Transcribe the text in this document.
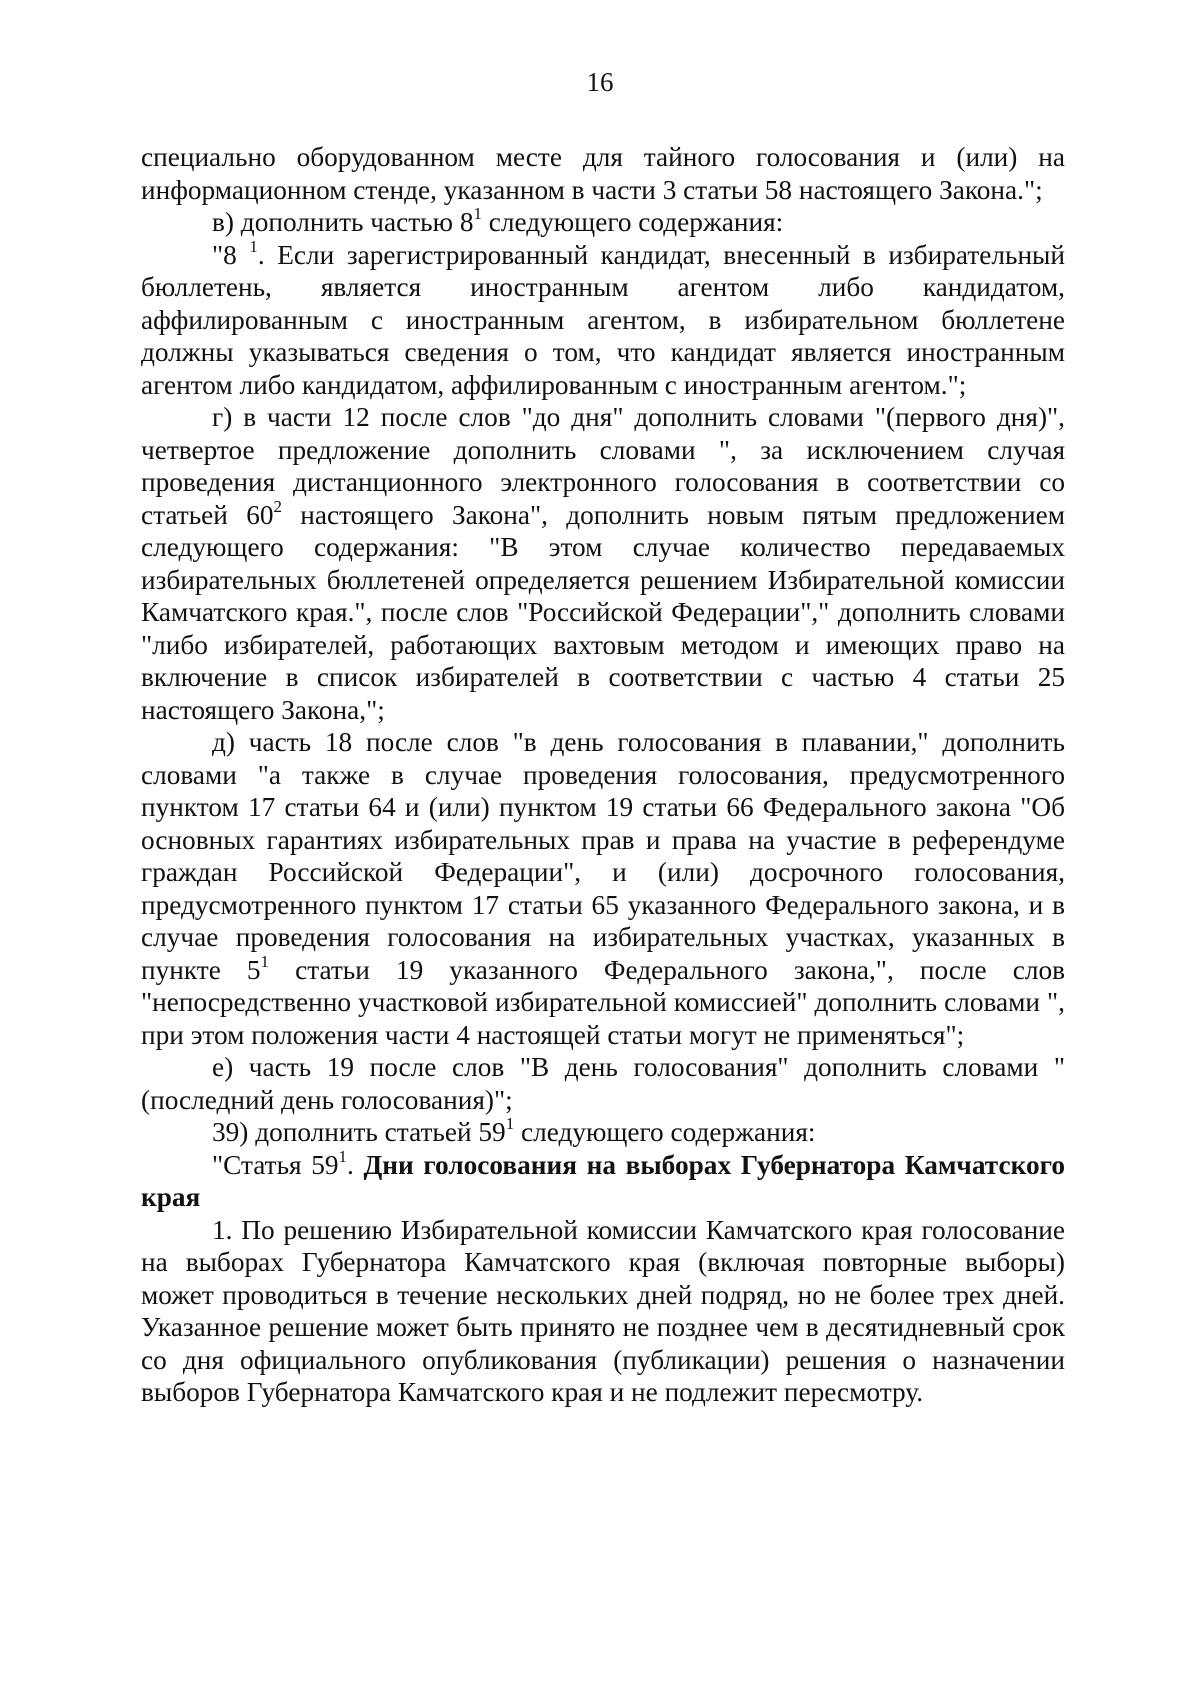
16

специально оборудованном месте для тайного голосования и (или) на информационном стенде, указанном в части 3 статьи 58 настоящего Закона.";

в) дополнить частью $8^1$ следующего содержания:

"8 $^1$. Если зарегистрированный кандидат, внесенный в избирательный бюллетень, является иностранным агентом либо кандидатом, аффилированным с иностранным агентом, в избирательном бюллетене должны указываться сведения о том, что кандидат является иностранным агентом либо кандидатом, аффилированным с иностранным агентом.";

г) в части 12 после слов "до дня" дополнить словами "(первого дня)", четвертое предложение дополнить словами ", за исключением случая проведения дистанционного электронного голосования в соответствии со статьей $60^2$ настоящего Закона", дополнить новым пятым предложением следующего содержания: "В этом случае количество передаваемых избирательных бюллетеней определяется решением Избирательной комиссии Камчатского края.", после слов "Российской Федерации"," дополнить словами "либо избирателей, работающих вахтовым методом и имеющих право на включение в список избирателей в соответствии с частью 4 статьи 25 настоящего Закона,";

д) часть 18 после слов "в день голосования в плавании," дополнить словами "а также в случае проведения голосования, предусмотренного пунктом 17 статьи 64 и (или) пунктом 19 статьи 66 Федерального закона "Об основных гарантиях избирательных прав и права на участие в референдуме граждан Российской Федерации", и (или) досрочного голосования, предусмотренного пунктом 17 статьи 65 указанного Федерального закона, и в случае проведения голосования на избирательных участках, указанных в пункте $5^1$ статьи 19 указанного Федерального закона,", после слов "непосредственно участковой избирательной комиссией" дополнить словами ", при этом положения части 4 настоящей статьи могут не применяться";

е) часть 19 после слов "В день голосования" дополнить словами "(последний день голосования)";

39) дополнить статьей $59^1$ следующего содержания:

"Статья $59^1$. Дни голосования на выборах Губернатора Камчатского края

1. По решению Избирательной комиссии Камчатского края голосование на выборах Губернатора Камчатского края (включая повторные выборы) может проводиться в течение нескольких дней подряд, но не более трех дней. Указанное решение может быть принято не позднее чем в десятидневный срок со дня официального опубликования (публикации) решения о назначении выборов Губернатора Камчатского края и не подлежит пересмотру.
